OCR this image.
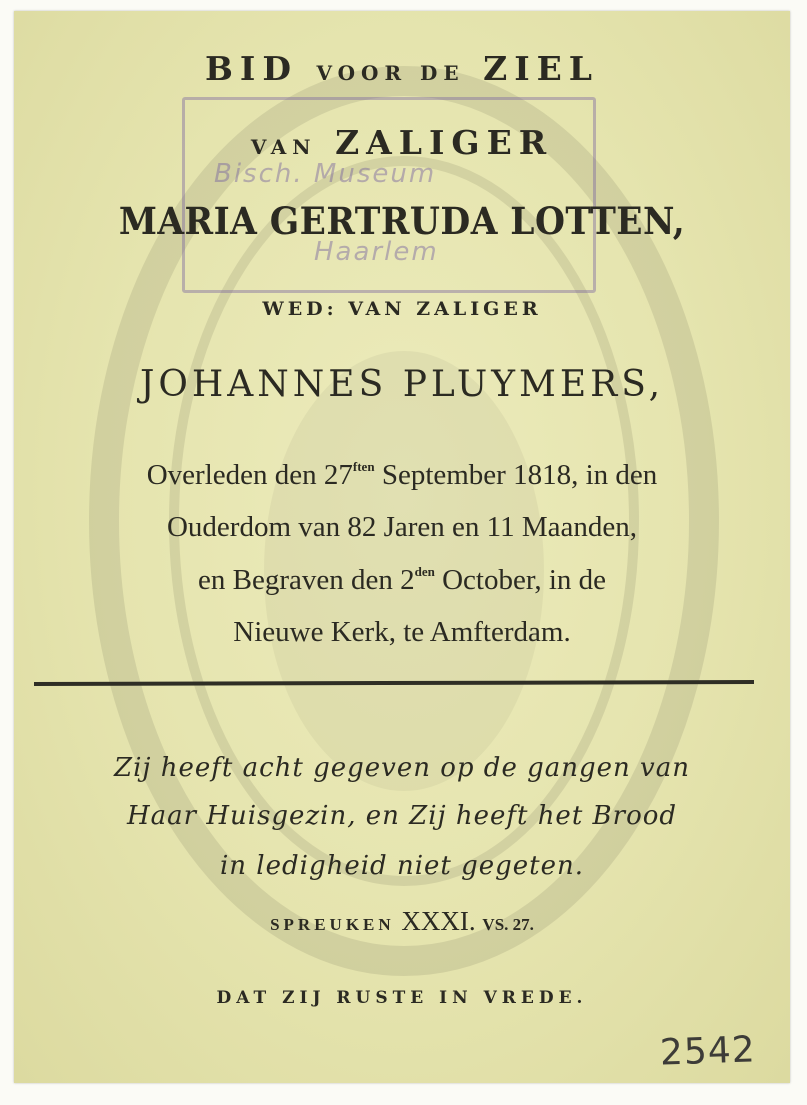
Bisch. Museum
Haarlem
BID VOOR DE ZIEL
VAN ZALIGER
MARIA GERTRUDA LOTTEN,
WED: VAN ZALIGER
JOHANNES PLUYMERS,
Overleden den $27^{ften}$ September 1818, in den
Ouderdom van 82 Jaren en 11 Maanden,
en Begraven den $2^{den}$ October, in de
Nieuwe Kerk, te Amfterdam.
Zij heeft acht gegeven op de gangen van
Haar Huisgezin, en Zij heeft het Brood
in ledigheid niet gegeten.
SPREUKEN XXXI. VS. 27.
DAT ZIJ RUSTE IN VREDE.
2542
